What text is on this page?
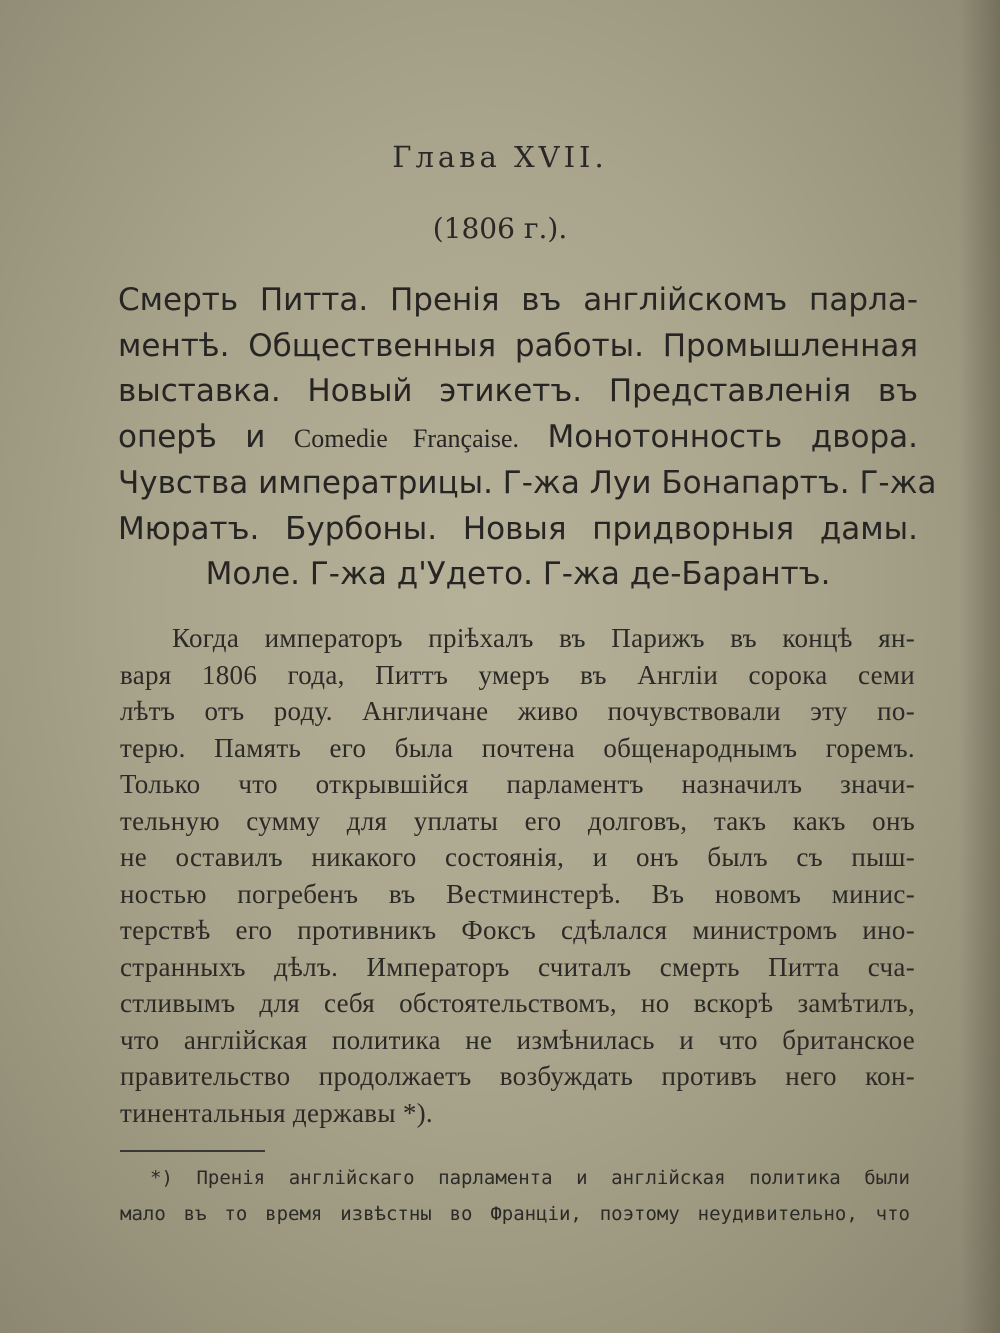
Глава XVII.
(1806 г.).
Смерть Питта. Пренія въ англійскомъ парла-
ментѣ. Общественныя работы. Промышленная
выставка. Новый этикетъ. Представленія въ
оперѣ и Comedie Française. Монотонность двора.
Чувства императрицы. Г-жа Луи Бонапартъ. Г-жа
Мюратъ. Бурбоны. Новыя придворныя дамы.
Моле. Г-жа д'Удето. Г-жа де-Барантъ.
Когда императоръ пріѣхалъ въ Парижъ въ концѣ ян-
варя 1806 года, Питтъ умеръ въ Англіи сорока семи
лѣтъ отъ роду. Англичане живо почувствовали эту по-
терю. Память его была почтена общенароднымъ горемъ.
Только что открывшійся парламентъ назначилъ значи-
тельную сумму для уплаты его долговъ, такъ какъ онъ
не оставилъ никакого состоянія, и онъ былъ съ пыш-
ностью погребенъ въ Вестминстерѣ. Въ новомъ минис-
терствѣ его противникъ Фоксъ сдѣлался министромъ ино-
странныхъ дѣлъ. Императоръ считалъ смерть Питта сча-
стливымъ для себя обстоятельствомъ, но вскорѣ замѣтилъ,
что англійская политика не измѣнилась и что британское
правительство продолжаетъ возбуждать противъ него кон-
тинентальныя державы *).
*) Пренія англійскаго парламента и англійская политика были
мало въ то время извѣстны во Франціи, поэтому неудивительно, что
